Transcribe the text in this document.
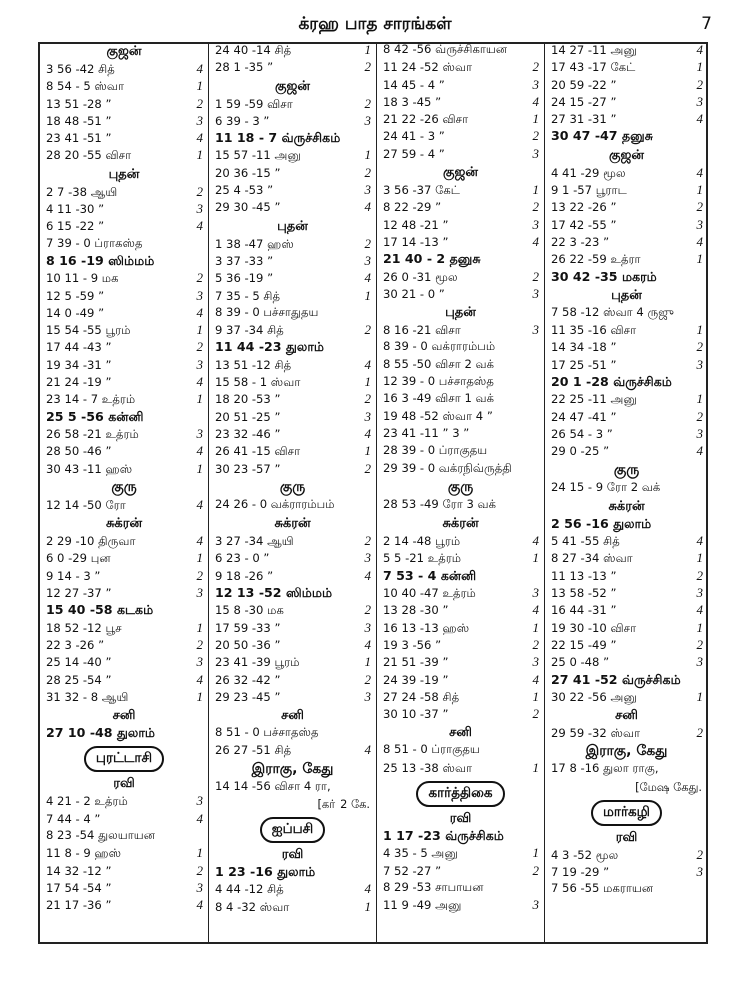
க்ரஹ பாத சாரங்கள்	7
குஜன்
3 56 -42 சித்	4
8 54 - 5 ஸ்வா	1
13 51 -28 ”	2
18 48 -51 ”	3
23 41 -51 ”	4
28 20 -55 விசா	1
புதன்
2 7 -38 ஆயி	2
4 11 -30 ”	3
6 15 -22 ”	4
7 39 - 0 ப்ராகஸ்த
8 16 -19 ஸிம்மம்
10 11 - 9 மக	2
12 5 -59 ”	3
14 0 -49 ”	4
15 54 -55 பூரம்	1
17 44 -43 ”	2
19 34 -31 ”	3
21 24 -19 ”	4
23 14 - 7 உத்ரம்	1
25 5 -56 கன்னி
26 58 -21 உத்ரம்	3
28 50 -46 ”	4
30 43 -11 ஹஸ்	1
குரு
12 14 -50 ரோ	4
சுக்ரன்
2 29 -10 திருவா	4
6 0 -29 புன	1
9 14 - 3 ”	2
12 27 -37 ”	3
15 40 -58 கடகம்
18 52 -12 பூச	1
22 3 -26 ”	2
25 14 -40 ”	3
28 25 -54 ”	4
31 32 - 8 ஆயி	1
சனி
27 10 -48 துலாம்
புரட்டாசி
ரவி
4 21 - 2 உத்ரம்	3
7 44 - 4 ”	4
8 23 -54 துலயாயன
11 8 - 9 ஹஸ்	1
14 32 -12 ”	2
17 54 -54 ”	3
21 17 -36 ”	4
24 40 -14 சித்	1
28 1 -35 ”	2
குஜன்
1 59 -59 விசா	2
6 39 - 3 ”	3
11 18 - 7 வ்ருச்சிகம்
15 57 -11 அனு	1
20 36 -15 ”	2
25 4 -53 ”	3
29 30 -45 ”	4
புதன்
1 38 -47 ஹஸ்	2
3 37 -33 ”	3
5 36 -19 ”	4
7 35 - 5 சித்	1
8 39 - 0 பச்சாதுதய
9 37 -34 சித்	2
11 44 -23 துலாம்
13 51 -12 சித்	4
15 58 - 1 ஸ்வா	1
18 20 -53 ”	2
20 51 -25 ”	3
23 32 -46 ”	4
26 41 -15 விசா	1
30 23 -57 ”	2
குரு
24 26 - 0 வக்ராரம்பம்
சுக்ரன்
3 27 -34 ஆயி	2
6 23 - 0 ”	3
9 18 -26 ”	4
12 13 -52 ஸிம்மம்
15 8 -30 மக	2
17 59 -33 ”	3
20 50 -36 ”	4
23 41 -39 பூரம்	1
26 32 -42 ”	2
29 23 -45 ”	3
சனி
8 51 - 0 பச்சாதஸ்த
26 27 -51 சித்	4
இராகு, கேது
14 14 -56 விசா 4 ரா,
[கா் 2 கே.
ஐப்பசி
ரவி
1 23 -16 துலாம்
4 44 -12 சித்	4
8 4 -32 ஸ்வா	1
8 42 -56 வ்ருச்சிகாயன
11 24 -52 ஸ்வா	2
14 45 - 4 ”	3
18 3 -45 ”	4
21 22 -26 விசா	1
24 41 - 3 ”	2
27 59 - 4 ”	3
குஜன்
3 56 -37 கேட்	1
8 22 -29 ”	2
12 48 -21 ”	3
17 14 -13 ”	4
21 40 - 2 தனுசு
26 0 -31 மூல	2
30 21 - 0 ”	3
புதன்
8 16 -21 விசா	3
8 39 - 0 வக்ராரம்பம்
8 55 -50 விசா 2 வக்
12 39 - 0 பச்சாதஸ்த
16 3 -49 விசா 1 வக்
19 48 -52 ஸ்வா 4 ”
23 41 -11 ” 3 ”
28 39 - 0 ப்ராகுதய
29 39 - 0 வக்ரநிவ்ருத்தி
குரு
28 53 -49 ரோ 3 வக்
சுக்ரன்
2 14 -48 பூரம்	4
5 5 -21 உத்ரம்	1
7 53 - 4 கன்னி
10 40 -47 உத்ரம்	3
13 28 -30 ”	4
16 13 -13 ஹஸ்	1
19 3 -56 ”	2
21 51 -39 ”	3
24 39 -19 ”	4
27 24 -58 சித்	1
30 10 -37 ”	2
சனி
8 51 - 0 ப்ராகுதய
25 13 -38 ஸ்வா	1
கார்த்திகை
ரவி
1 17 -23 வ்ருச்சிகம்
4 35 - 5 அனு	1
7 52 -27 ”	2
8 29 -53 சாபாயன
11 9 -49 அனு	3
14 27 -11 அனு	4
17 43 -17 கேட்	1
20 59 -22 ”	2
24 15 -27 ”	3
27 31 -31 ”	4
30 47 -47 தனுசு
குஜன்
4 41 -29 மூல	4
9 1 -57 பூராட	1
13 22 -26 ”	2
17 42 -55 ”	3
22 3 -23 ”	4
26 22 -59 உத்ரா	1
30 42 -35 மகரம்
புதன்
7 58 -12 ஸ்வா 4 ருஜு
11 35 -16 விசா	1
14 34 -18 ”	2
17 25 -51 ”	3
20 1 -28 வ்ருச்சிகம்
22 25 -11 அனு	1
24 47 -41 ”	2
26 54 - 3 ”	3
29 0 -25 ”	4
குரு
24 15 - 9 ரோ 2 வக்
சுக்ரன்
2 56 -16 துலாம்
5 41 -55 சித்	4
8 27 -34 ஸ்வா	1
11 13 -13 ”	2
13 58 -52 ”	3
16 44 -31 ”	4
19 30 -10 விசா	1
22 15 -49 ”	2
25 0 -48 ”	3
27 41 -52 வ்ருச்சிகம்
30 22 -56 அனு	1
சனி
29 59 -32 ஸ்வா	2
இராகு, கேது
17 8 -16 துலா ராகு,
[மேஷ கேது.
மார்கழி
ரவி
4 3 -52 மூல	2
7 19 -29 ”	3
7 56 -55 மகராயன
